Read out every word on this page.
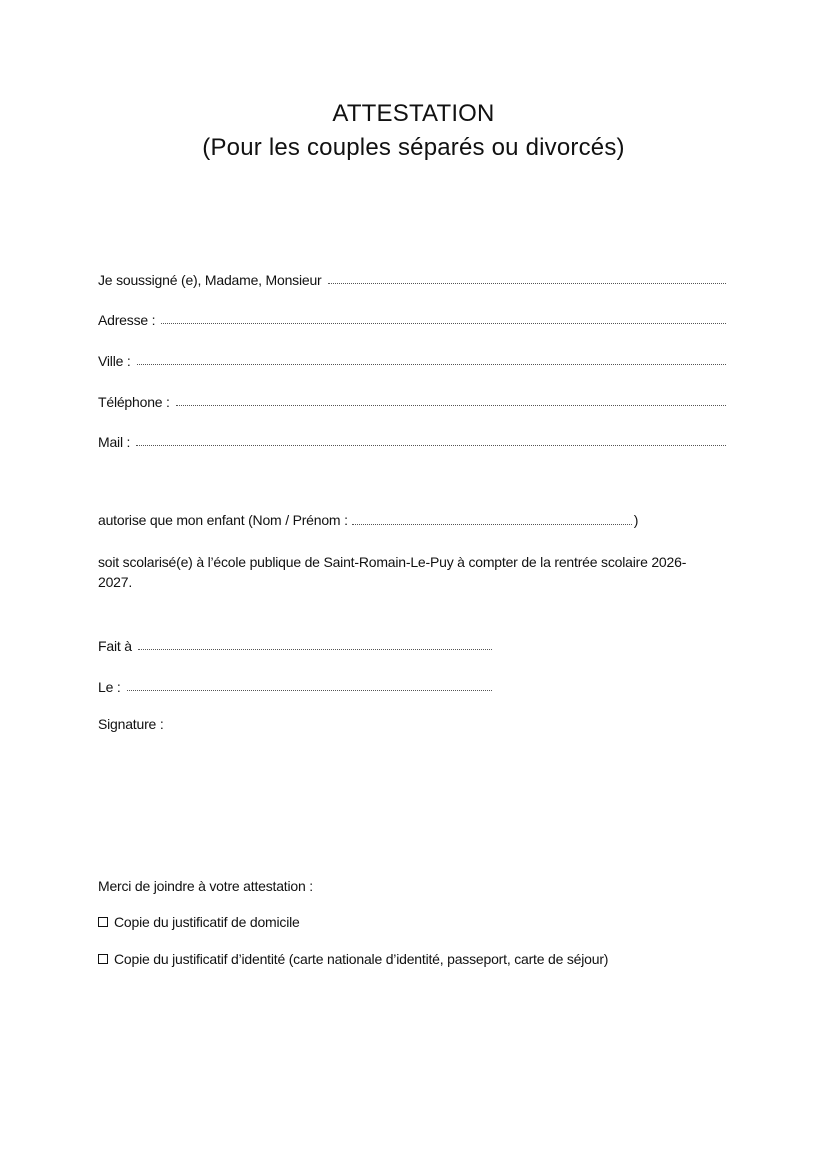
ATTESTATION
(Pour les couples séparés ou divorcés)
Je soussigné (e), Madame, Monsieur
Adresse :
Ville :
Téléphone :
Mail :
autorise que mon enfant (Nom / Prénom :	)
soit scolarisé(e) à l’école publique de Saint-Romain-Le-Puy à compter de la rentrée scolaire 2026-2027.
Fait à
Le :
Signature :
Merci de joindre à votre attestation :
Copie du justificatif de domicile
Copie du justificatif d’identité (carte nationale d’identité, passeport, carte de séjour)
